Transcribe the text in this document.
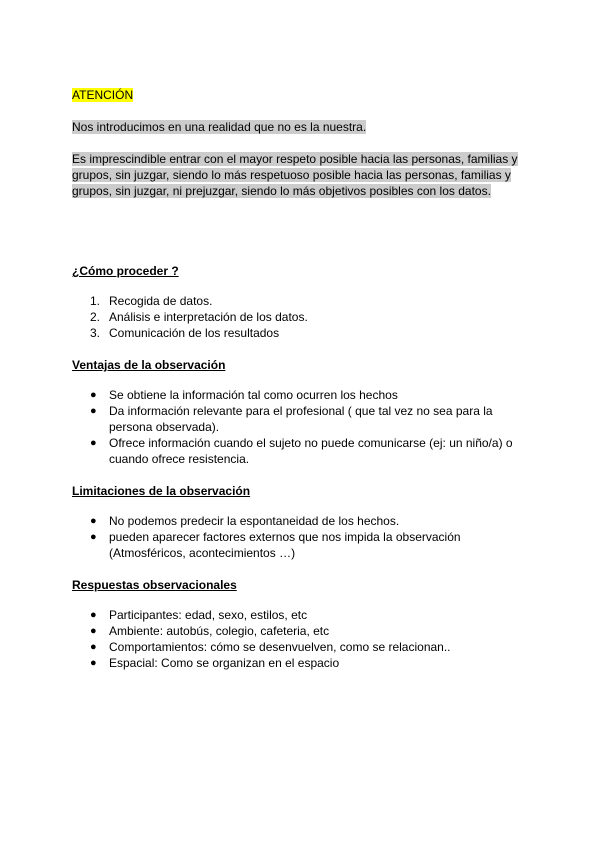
ATENCIÓN

Nos introducimos en una realidad que no es la nuestra.

Es imprescindible entrar con el mayor respeto posible hacia las personas, familias y grupos, sin juzgar, siendo lo más respetuoso posible hacia las personas, familias y grupos, sin juzgar, ni prejuzgar, siendo lo más objetivos posibles con los datos.

¿Cómo proceder ?

1. Recogida de datos.
2. Análisis e interpretación de los datos.
3. Comunicación de los resultados

Ventajas de la observación

● Se obtiene la información tal como ocurren los hechos
● Da información relevante para el profesional ( que tal vez no sea para la persona observada).
● Ofrece información cuando el sujeto no puede comunicarse (ej: un niño/a) o cuando ofrece resistencia.

Limitaciones de la observación

● No podemos predecir la espontaneidad de los hechos.
● pueden aparecer factores externos que nos impida la observación (Atmosféricos, acontecimientos …)

Respuestas observacionales

● Participantes: edad, sexo, estilos, etc
● Ambiente: autobús, colegio, cafeteria, etc
● Comportamientos: cómo se desenvuelven, como se relacionan..
● Espacial: Como se organizan en el espacio
